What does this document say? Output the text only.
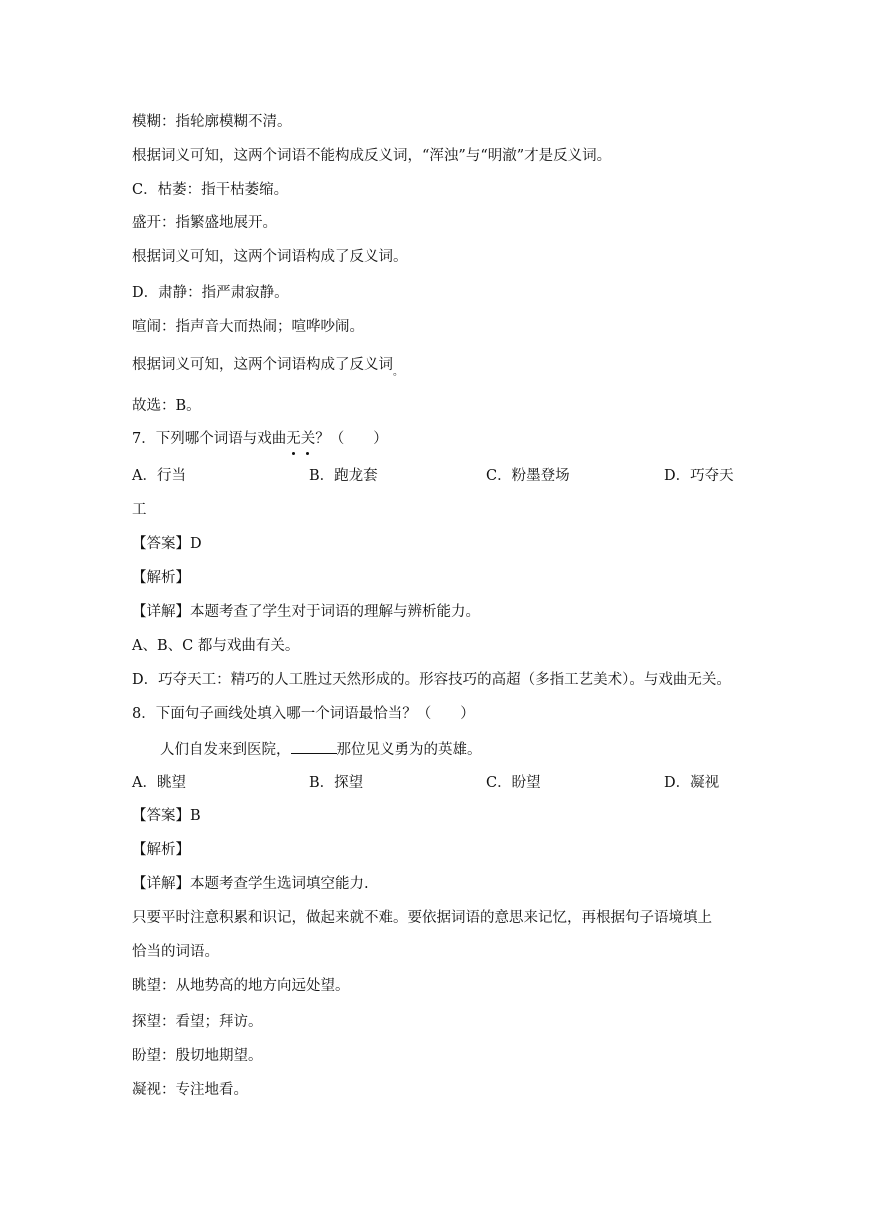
模糊：指轮廓模糊不清。
根据词义可知，这两个词语不能构成反义词，“浑浊”与“明澈”才是反义词。
C．枯萎：指干枯萎缩。
盛开：指繁盛地展开。
根据词义可知，这两个词语构成了反义词。
D．肃静：指严肃寂静。
喧闹：指声音大而热闹；喧哗吵闹。
根据词义可知，这两个词语构成了反义词$_。$
故选：B。
7．下列哪个词语与戏曲无关？（　　）
A．行当	B．跑龙套	C．粉墨登场	D．巧夺天
工
【答案】D
【解析】
【详解】本题考查了学生对于词语的理解与辨析能力。
A、B、C 都与戏曲有关。
D．巧夺天工：精巧的人工胜过天然形成的。形容技巧的高超（多指工艺美术）。与戏曲无关。
8．下面句子画线处填入哪一个词语最恰当？（　　）
人们自发来到医院，	那位见义勇为的英雄。
A．眺望	B．探望	C．盼望	D．凝视
【答案】B
【解析】
【详解】本题考查学生选词填空能力.
只要平时注意积累和识记，做起来就不难。要依据词语的意思来记忆，再根据句子语境填上
恰当的词语。
眺望：从地势高的地方向远处望。
探望：看望；拜访。
盼望：殷切地期望。
凝视：专注地看。
